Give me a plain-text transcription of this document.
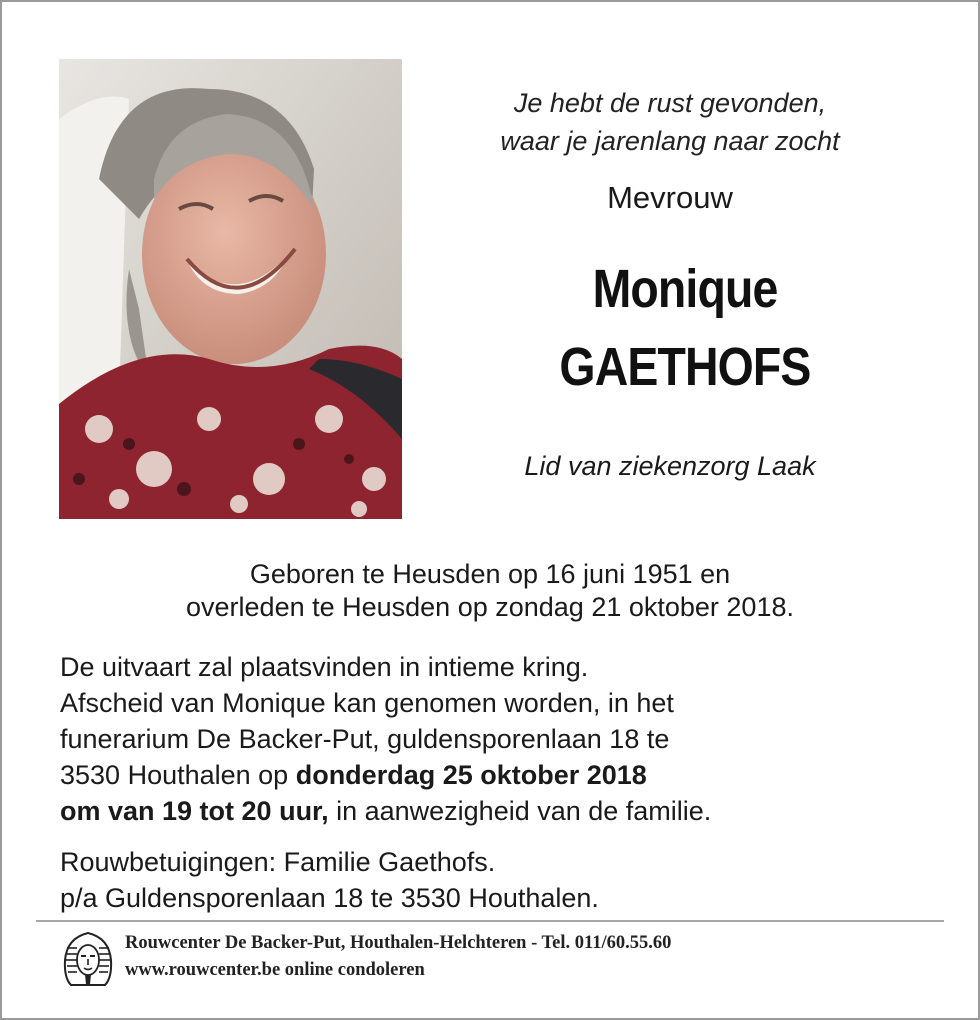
Je hebt de rust gevonden,
waar je jarenlang naar zocht
Mevrouw
Monique
GAETHOFS
Lid van ziekenzorg Laak
Geboren te Heusden op 16 juni 1951 en
overleden te Heusden op zondag 21 oktober 2018.
De uitvaart zal plaatsvinden in intieme kring.
Afscheid van Monique kan genomen worden, in het
funerarium De Backer-Put, guldensporenlaan 18 te
3530 Houthalen op donderdag 25 oktober 2018
om van 19 tot 20 uur, in aanwezigheid van de familie.
Rouwbetuigingen: Familie Gaethofs.
p/a Guldensporenlaan 18 te 3530 Houthalen.
Rouwcenter De Backer-Put, Houthalen-Helchteren - Tel. 011/60.55.60
www.rouwcenter.be online condoleren
